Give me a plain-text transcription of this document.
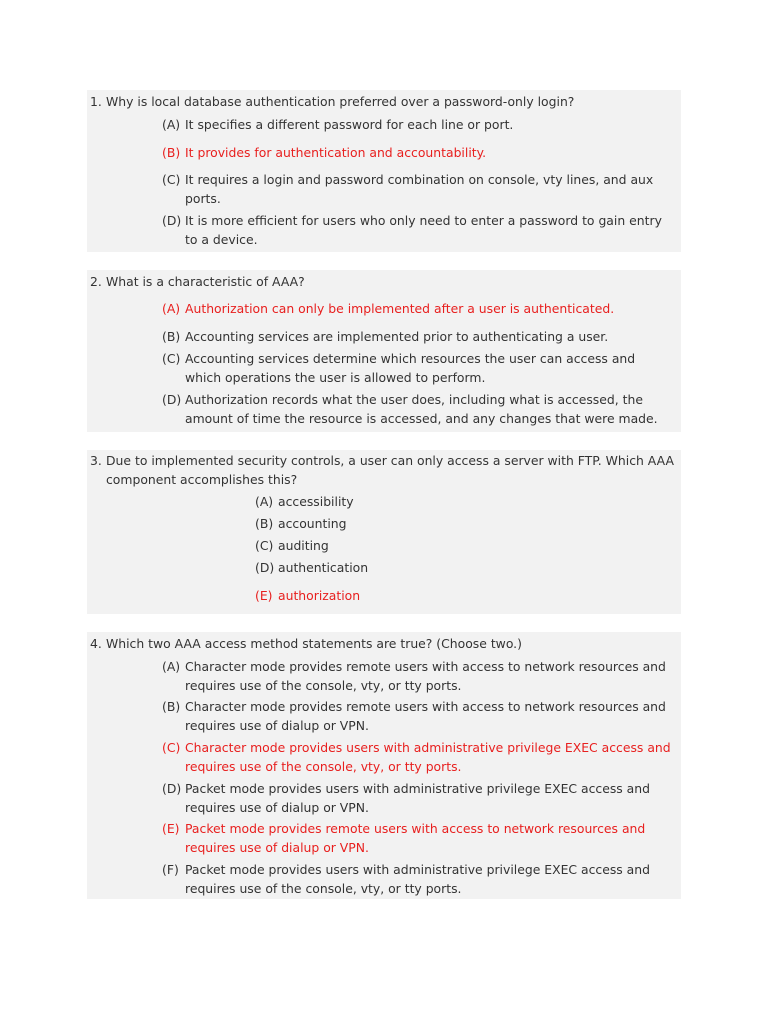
1. Why is local database authentication preferred over a password-only login?

(A) It specifies a different password for each line or port.
(B) It provides for authentication and accountability.
(C) It requires a login and password combination on console, vty lines, and aux ports.
(D) It is more efficient for users who only need to enter a password to gain entry to a device.

2. What is a characteristic of AAA?

(A) Authorization can only be implemented after a user is authenticated.
(B) Accounting services are implemented prior to authenticating a user.
(C) Accounting services determine which resources the user can access and which operations the user is allowed to perform.
(D) Authorization records what the user does, including what is accessed, the amount of time the resource is accessed, and any changes that were made.

3. Due to implemented security controls, a user can only access a server with FTP. Which AAA component accomplishes this?

(A) accessibility
(B) accounting
(C) auditing
(D) authentication
(E) authorization

4. Which two AAA access method statements are true? (Choose two.)

(A) Character mode provides remote users with access to network resources and requires use of the console, vty, or tty ports.
(B) Character mode provides remote users with access to network resources and requires use of dialup or VPN.
(C) Character mode provides users with administrative privilege EXEC access and requires use of the console, vty, or tty ports.
(D) Packet mode provides users with administrative privilege EXEC access and requires use of dialup or VPN.
(E) Packet mode provides remote users with access to network resources and requires use of dialup or VPN.
(F) Packet mode provides users with administrative privilege EXEC access and requires use of the console, vty, or tty ports.
